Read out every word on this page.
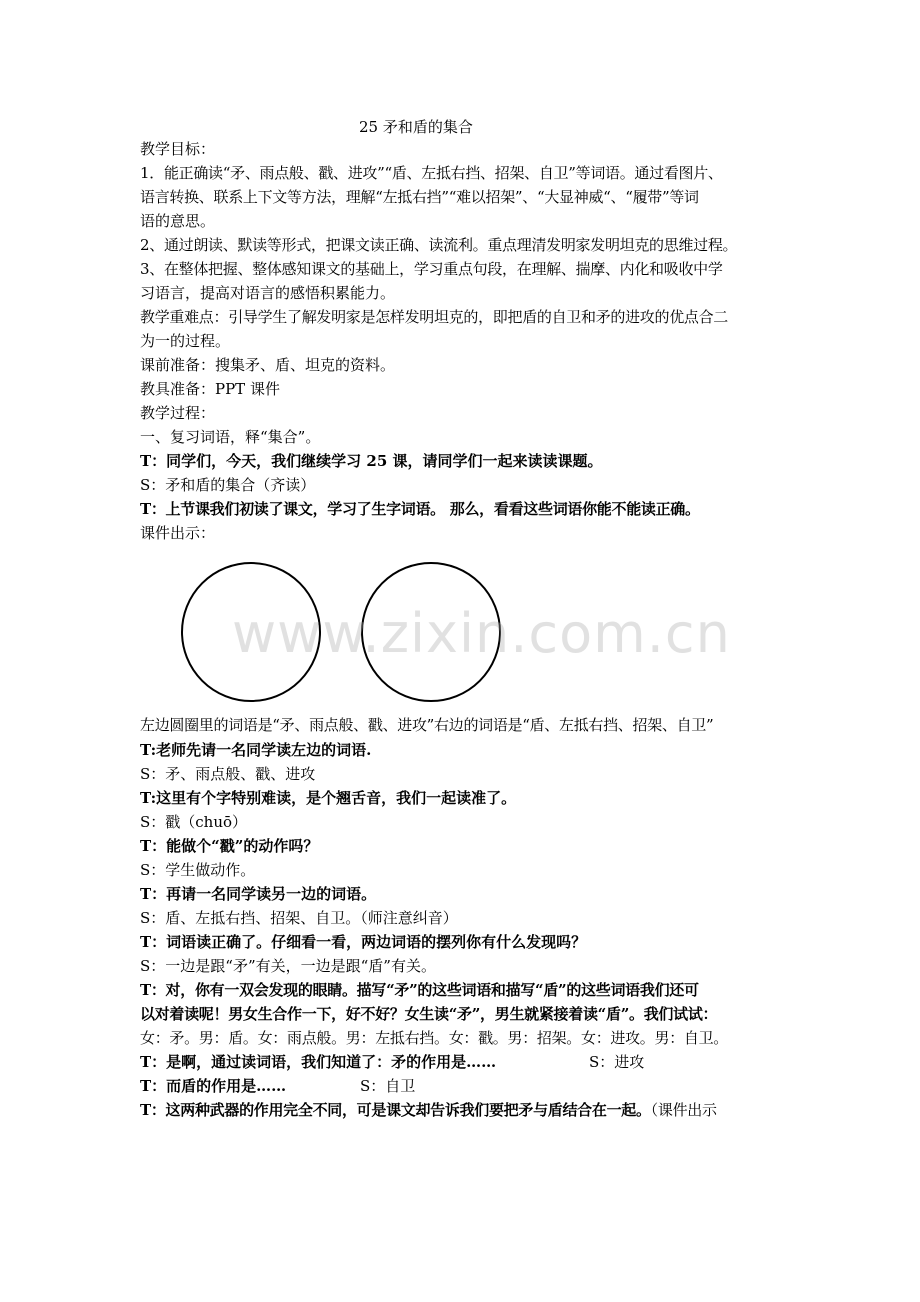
25 矛和盾的集合
教学目标：
1．能正确读“矛、雨点般、戳、进攻”“盾、左抵右挡、招架、自卫”等词语。通过看图片、
语言转换、联系上下文等方法，理解“左抵右挡”“难以招架”、“大显神威“、“履带”等词
语的意思。
2、通过朗读、默读等形式，把课文读正确、读流利。重点理清发明家发明坦克的思维过程。
3、在整体把握、整体感知课文的基础上，学习重点句段，在理解、揣摩、内化和吸收中学
习语言，提高对语言的感悟积累能力。
教学重难点：引导学生了解发明家是怎样发明坦克的，即把盾的自卫和矛的进攻的优点合二
为一的过程。
课前准备：搜集矛、盾、坦克的资料。
教具准备：PPT 课件
教学过程：
一、复习词语，释“集合”。
T：同学们，今天，我们继续学习 25 课，请同学们一起来读读课题。
S：矛和盾的集合（齐读）
T：上节课我们初读了课文，学习了生字词语。 那么，看看这些词语你能不能读正确。
课件出示：
www.zixin.com.cn
左边圆圈里的词语是“矛、雨点般、戳、进攻”右边的词语是“盾、左抵右挡、招架、自卫”
T:老师先请一名同学读左边的词语.
S：矛、雨点般、戳、进攻
T:这里有个字特别难读，是个翘舌音，我们一起读准了。
S：戳（chuō）
T：能做个“戳”的动作吗？
S：学生做动作。
T：再请一名同学读另一边的词语。
S：盾、左抵右挡、招架、自卫。（师注意纠音）
T：词语读正确了。仔细看一看，两边词语的摆列你有什么发现吗？
S：一边是跟“矛”有关，一边是跟“盾”有关。
T：对，你有一双会发现的眼睛。描写“矛”的这些词语和描写“盾”的这些词语我们还可
以对着读呢！男女生合作一下，好不好？女生读“矛”，男生就紧接着读“盾”。我们试试：
女：矛。男：盾。女：雨点般。男：左抵右挡。女：戳。男：招架。女：进攻。男：自卫。
T：是啊，通过读词语，我们知道了：矛的作用是……	S：进攻
T：而盾的作用是……	S：自卫
T：这两种武器的作用完全不同，可是课文却告诉我们要把矛与盾结合在一起。（课件出示
